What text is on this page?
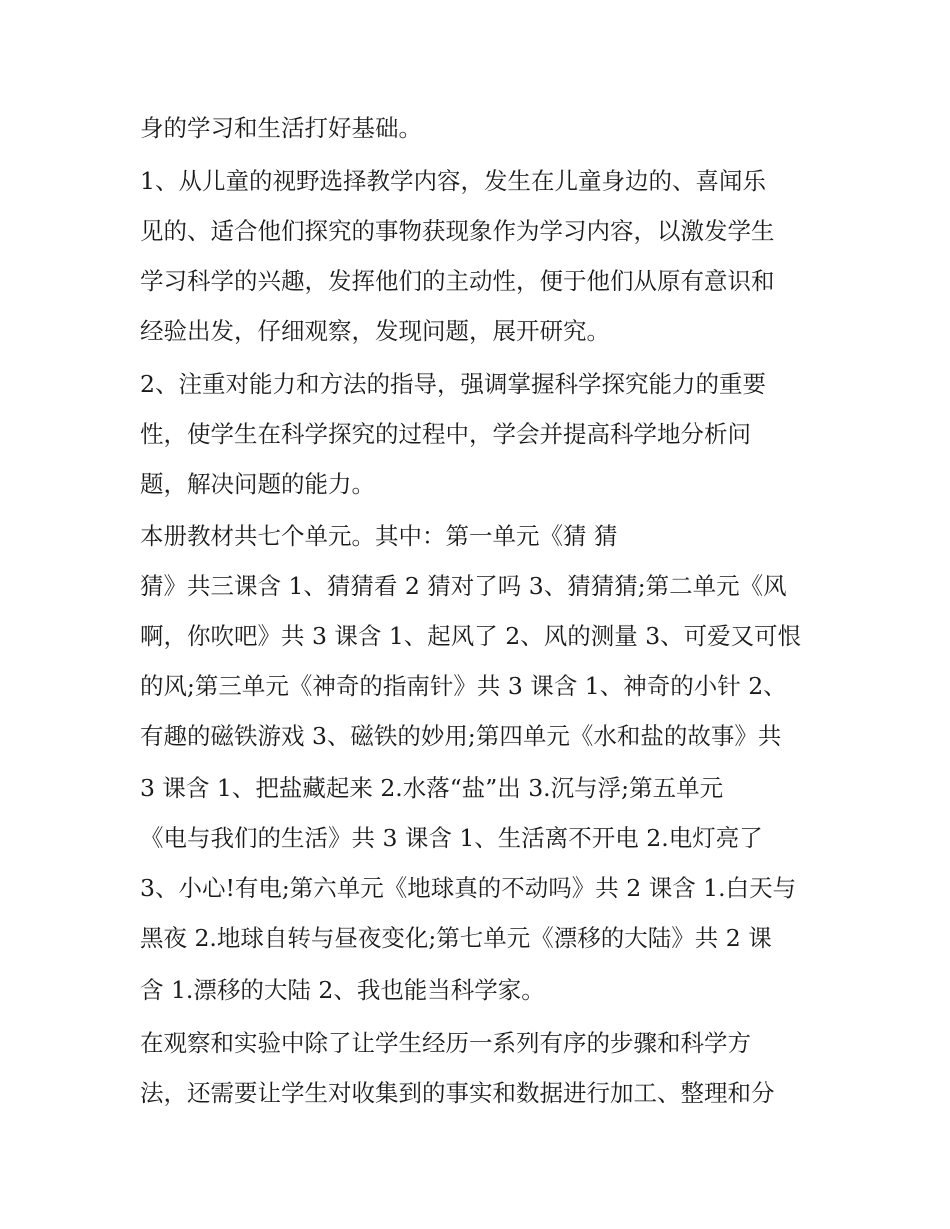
身的学习和生活打好基础。
1、从儿童的视野选择教学内容，发生在儿童身边的、喜闻乐
见的、适合他们探究的事物获现象作为学习内容，以激发学生
学习科学的兴趣，发挥他们的主动性，便于他们从原有意识和
经验出发，仔细观察，发现问题，展开研究。
2、注重对能力和方法的指导，强调掌握科学探究能力的重要
性，使学生在科学探究的过程中，学会并提高科学地分析问
题，解决问题的能力。
本册教材共七个单元。其中：第一单元《猜 猜
猜》共三课含 1、猜猜看 2 猜对了吗 3、猜猜猜;第二单元《风
啊，你吹吧》共 3 课含 1、起风了 2、风的测量 3、可爱又可恨
的风;第三单元《神奇的指南针》共 3 课含 1、神奇的小针 2、
有趣的磁铁游戏 3、磁铁的妙用;第四单元《水和盐的故事》共
3 课含 1、把盐藏起来 2.水落“盐”出 3.沉与浮;第五单元
《电与我们的生活》共 3 课含 1、生活离不开电 2.电灯亮了
3、小心!有电;第六单元《地球真的不动吗》共 2 课含 1.白天与
黑夜 2.地球自转与昼夜变化;第七单元《漂移的大陆》共 2 课
含 1.漂移的大陆 2、我也能当科学家。
在观察和实验中除了让学生经历一系列有序的步骤和科学方
法，还需要让学生对收集到的事实和数据进行加工、整理和分
